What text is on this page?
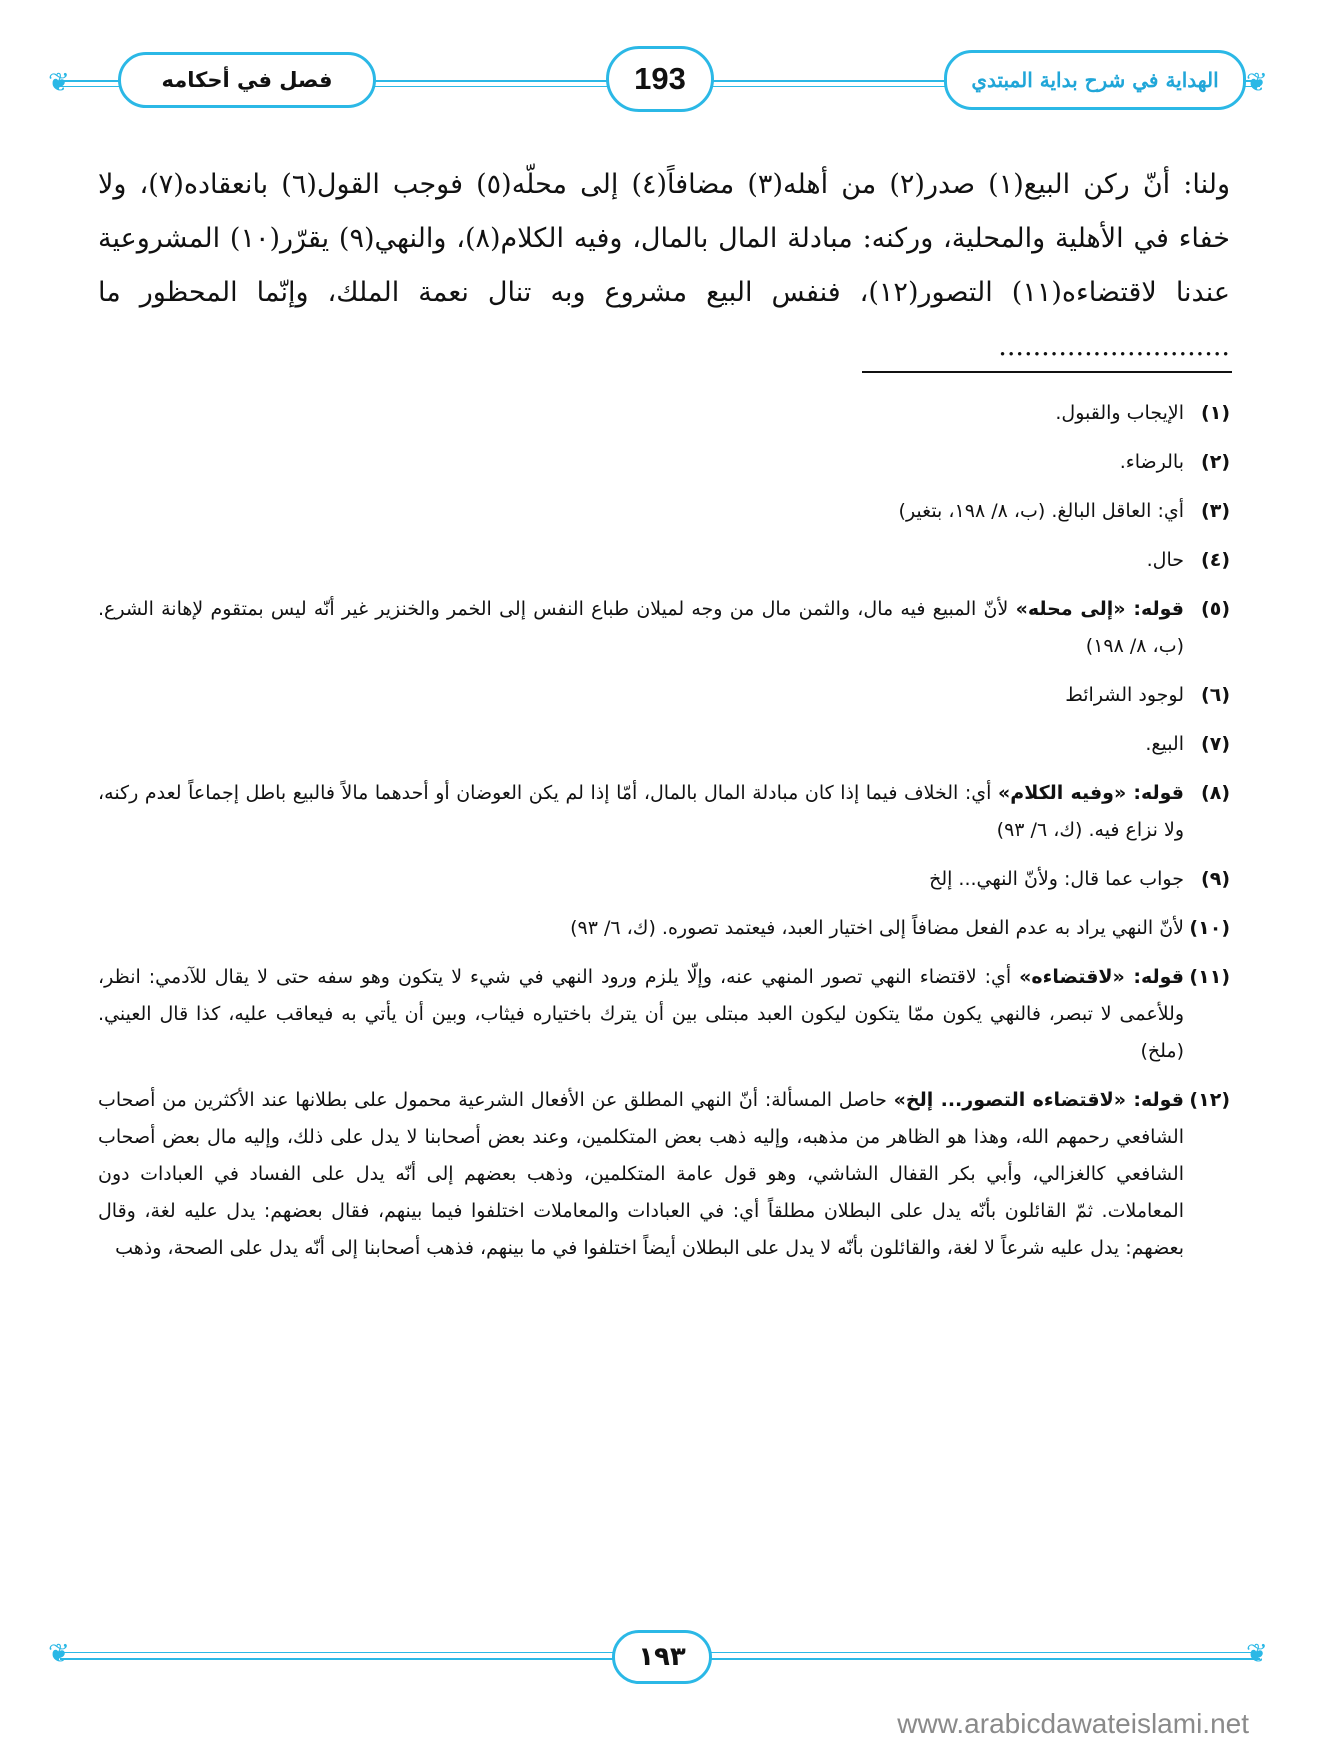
❦	❦
فصل في أحكامه	193	الهداية في شرح بداية المبتدي

ولنا: أنّ ركن البيع(١) صدر(٢) من أهله(٣) مضافاً(٤) إلى محلّه(٥) فوجب القول(٦) بانعقاده(٧)، ولا خفاء في الأهلية والمحلية، وركنه: مبادلة المال بالمال، وفيه الكلام(٨)، والنهي(٩) يقرّر(١٠) المشروعية عندنا لاقتضاءه(١١) التصور(١٢)، فنفس البيع مشروع وبه تنال نعمة الملك، وإنّما المحظور ما ...........................

(١)
الإيجاب والقبول.

(٢)
بالرضاء.

(٣)
أي: العاقل البالغ. (ب، ٨/ ١٩٨، بتغير)

(٤)
حال.

(٥)
قوله: «إلى محله» لأنّ المبيع فيه مال، والثمن مال من وجه لميلان طباع النفس إلى الخمر والخنزير غير أنّه ليس بمتقوم لإهانة الشرع. (ب، ٨/ ١٩٨)

(٦)
لوجود الشرائط

(٧)
البيع.

(٨)
قوله: «وفيه الكلام» أي: الخلاف فيما إذا كان مبادلة المال بالمال، أمّا إذا لم يكن العوضان أو أحدهما مالاً فالبيع باطل إجماعاً لعدم ركنه، ولا نزاع فيه. (ك، ٦/ ٩٣)

(٩)
جواب عما قال: ولأنّ النهي... إلخ

(١٠)
لأنّ النهي يراد به عدم الفعل مضافاً إلى اختيار العبد، فيعتمد تصوره. (ك، ٦/ ٩٣)

(١١)
قوله: «لاقتضاءه» أي: لاقتضاء النهي تصور المنهي عنه، وإلّا يلزم ورود النهي في شيء لا يتكون وهو سفه حتى لا يقال للآدمي: انظر، وللأعمى لا تبصر، فالنهي يكون ممّا يتكون ليكون العبد مبتلى بين أن يترك باختياره فيثاب، وبين أن يأتي به فيعاقب عليه، كذا قال العيني. (ملخ)

(١٢)
قوله: «لاقتضاءه التصور... إلخ» حاصل المسألة: أنّ النهي المطلق عن الأفعال الشرعية محمول على بطلانها عند الأكثرين من أصحاب الشافعي رحمهم الله، وهذا هو الظاهر من مذهبه، وإليه ذهب بعض المتكلمين، وعند بعض أصحابنا لا يدل على ذلك، وإليه مال بعض أصحاب الشافعي كالغزالي، وأبي بكر القفال الشاشي، وهو قول عامة المتكلمين، وذهب بعضهم إلى أنّه يدل على الفساد في العبادات دون المعاملات. ثمّ القائلون بأنّه يدل على البطلان مطلقاً أي: في العبادات والمعاملات اختلفوا فيما بينهم، فقال بعضهم: يدل عليه لغة، وقال بعضهم: يدل عليه شرعاً لا لغة، والقائلون بأنّه لا يدل على البطلان أيضاً اختلفوا في ما بينهم، فذهب أصحابنا إلى أنّه يدل على الصحة، وذهب

❦	❦
١٩٣
www.arabicdawateislami.net
